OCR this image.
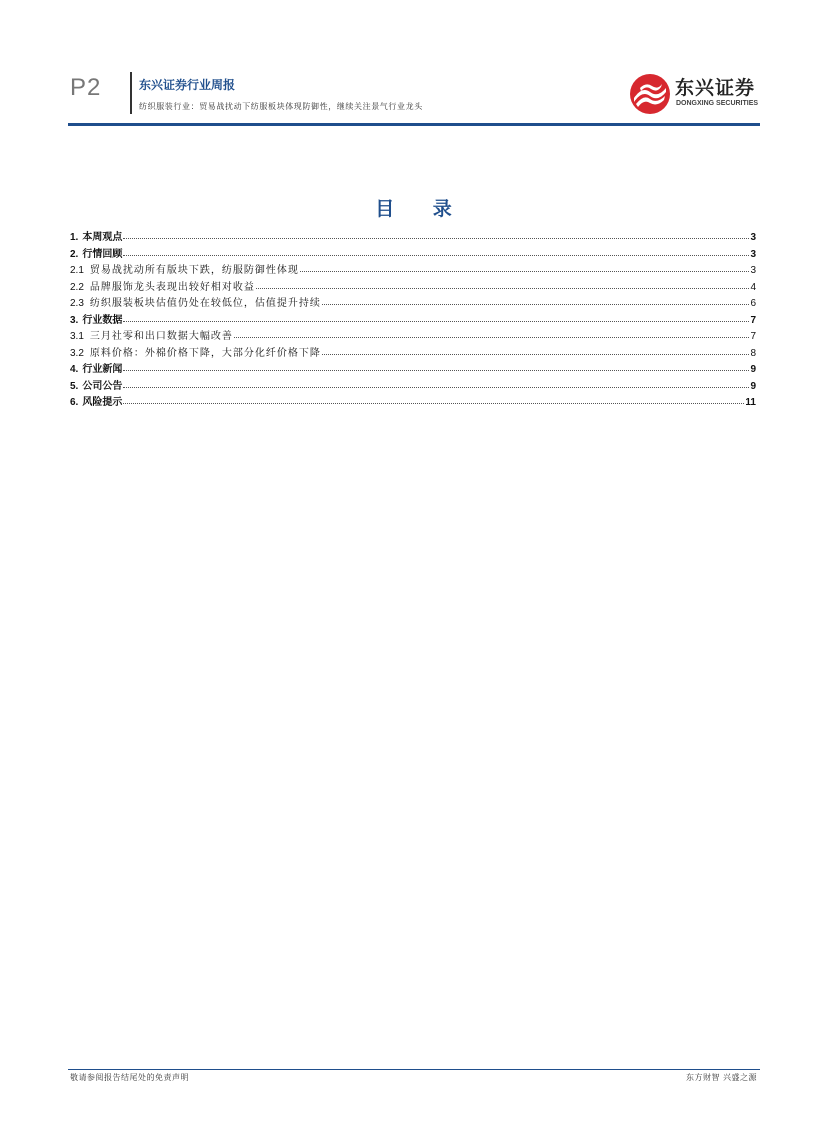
P2	东兴证券行业周报
纺织服装行业：贸易战扰动下纺服板块体现防御性，继续关注景气行业龙头
东兴证券
DONGXING SECURITIES
目 录
1. 本周观点	3
2. 行情回顾	3
2.1 贸易战扰动所有版块下跌，纺服防御性体现	3
2.2 品牌服饰龙头表现出较好相对收益	4
2.3 纺织服装板块估值仍处在较低位，估值提升持续	6
3. 行业数据	7
3.1 三月社零和出口数据大幅改善	7
3.2 原料价格：外棉价格下降，大部分化纤价格下降	8
4. 行业新闻	9
5. 公司公告	9
6. 风险提示	11
敬请参阅报告结尾处的免责声明	东方财智 兴盛之源
